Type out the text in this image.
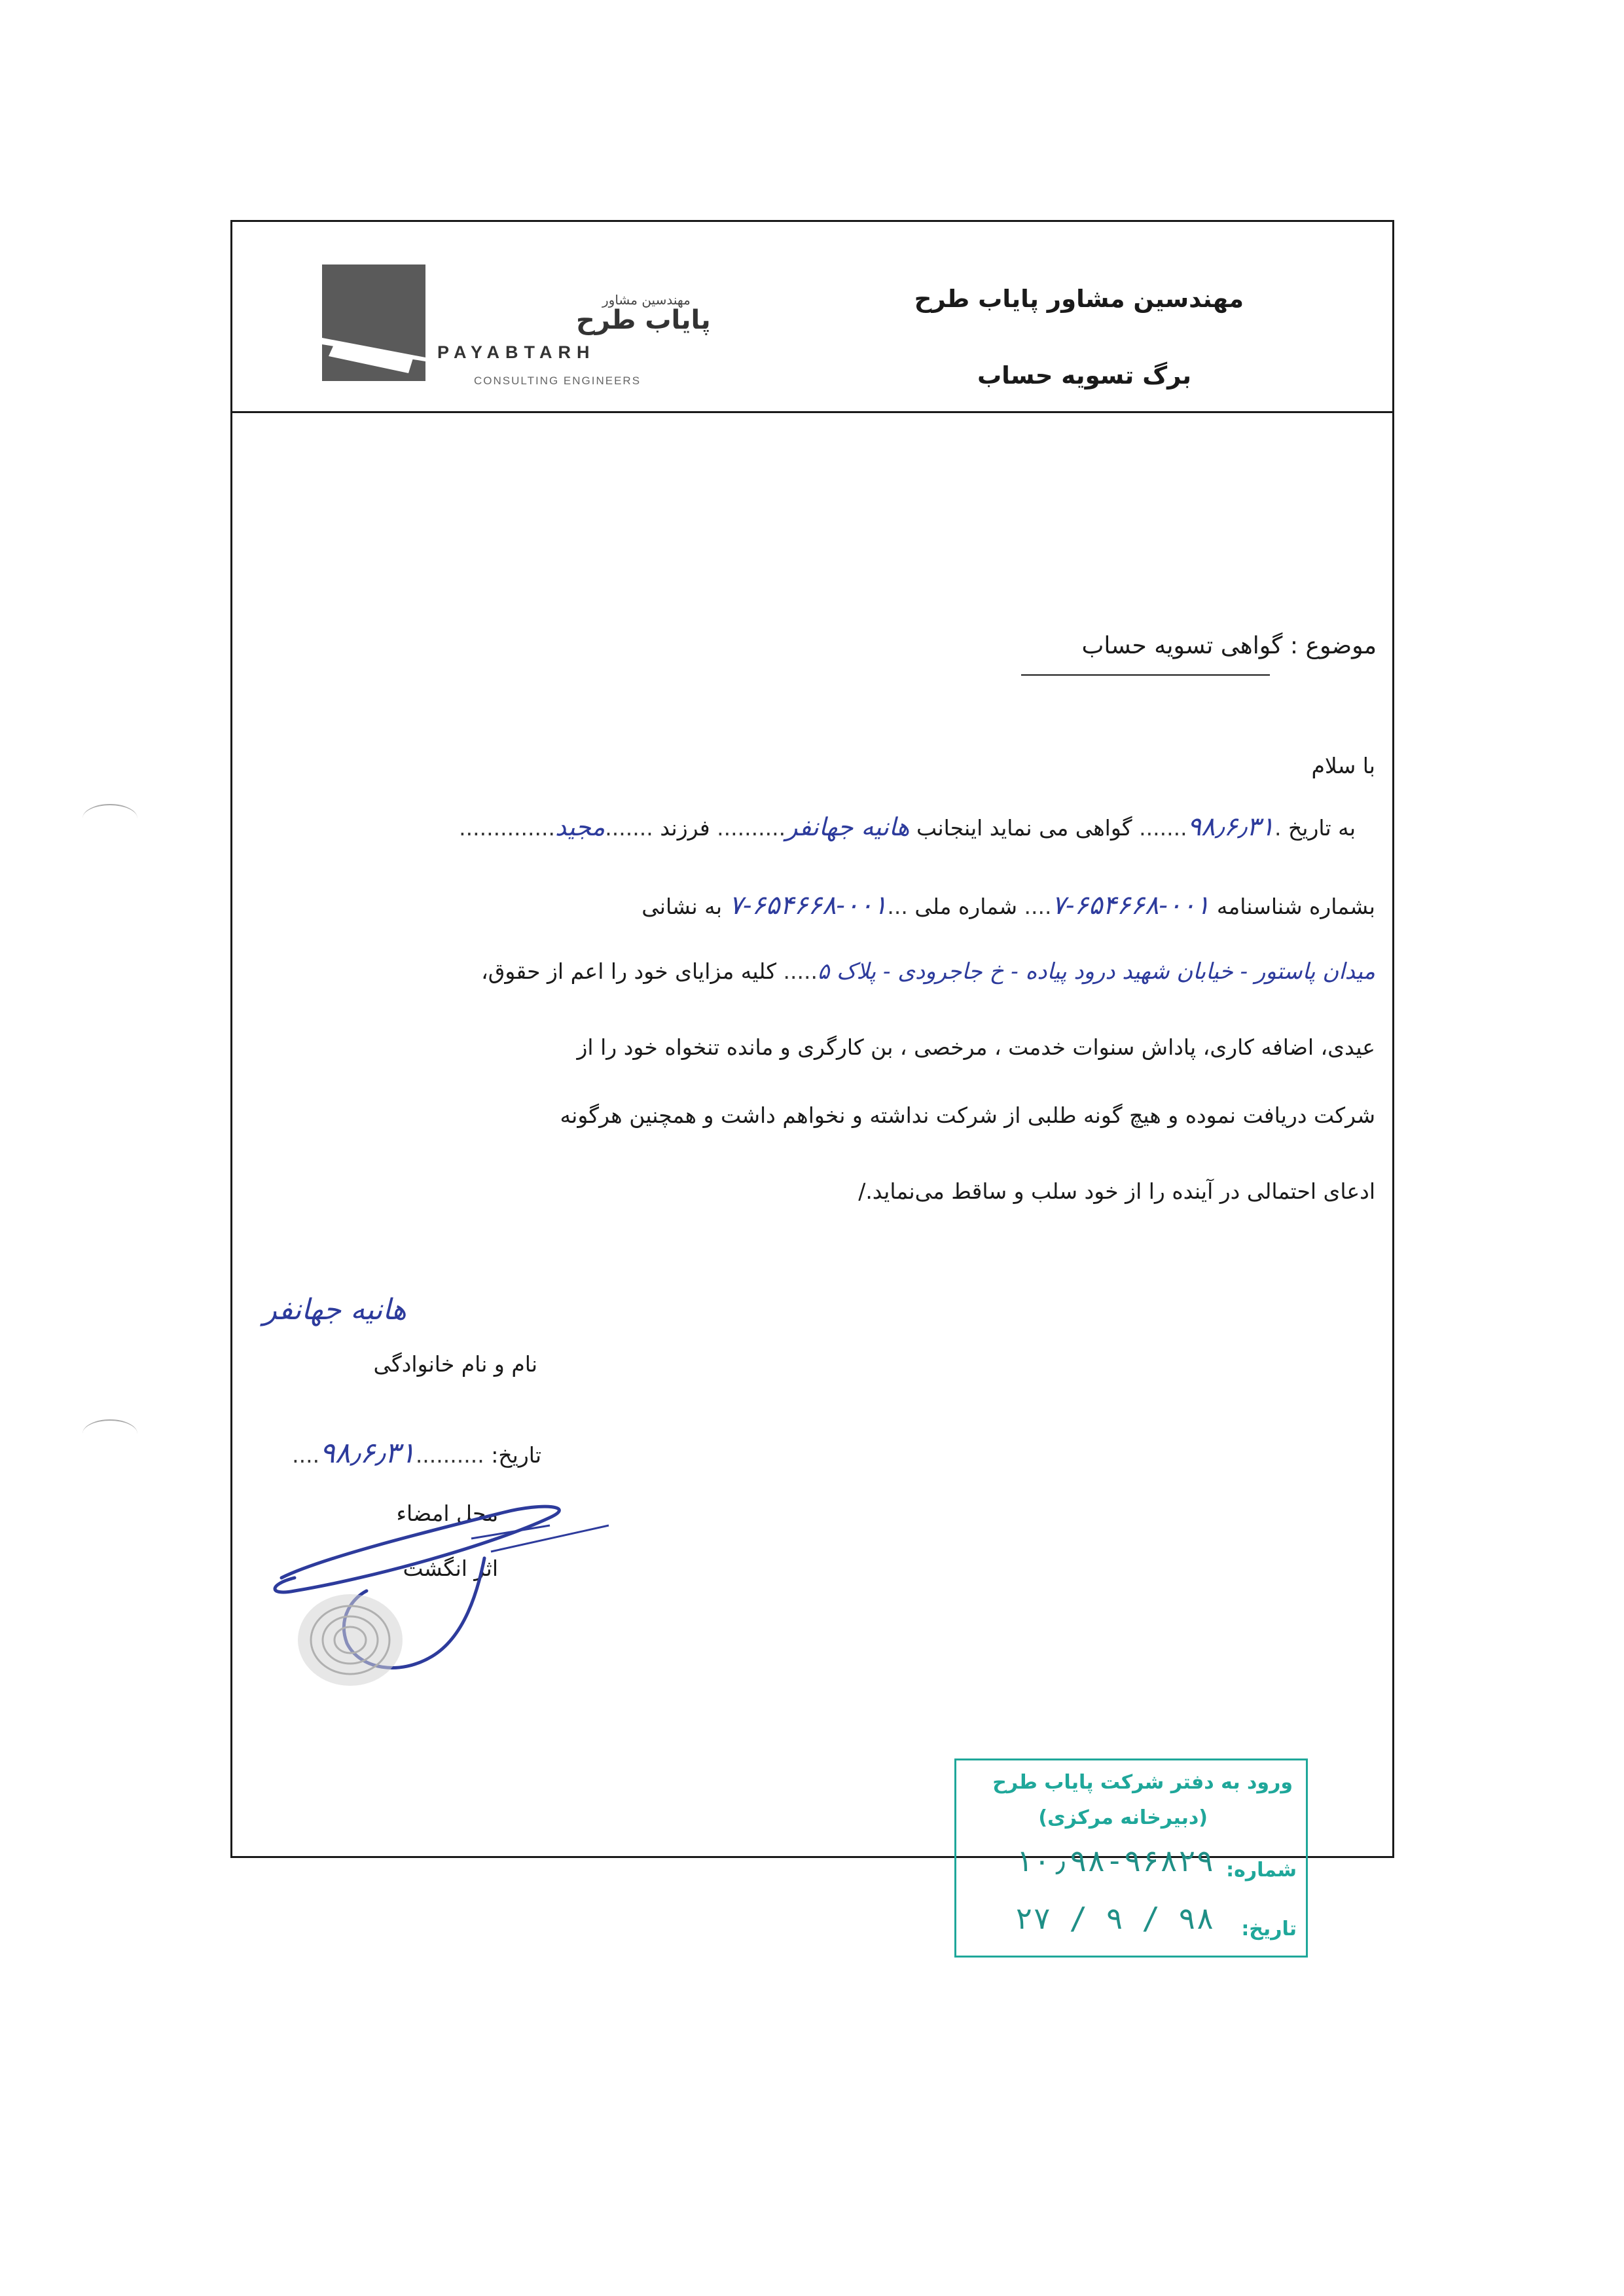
مهندسین مشاور پایاب طرح
برگ تسویه حساب
مهندسین مشاور
پایاب طرح
PAYABTARH
CONSULTING ENGINEERS
موضوع : گواهی تسویه حساب
با سلام
به تاریخ .۹۸٫۶٫۳۱....... گواهی می نماید اینجانب هانیه جهانفر.......... فرزند .......مجید..............
بشماره شناسنامه ۰۰۱-۶۵۴۶۶۸-۷.... شماره ملی ...۰۰۱-۶۵۴۶۶۸-۷ به نشانی
میدان پاستور - خیابان شهید درود پیاده - خ جاجرودی - پلاک ۵..... کلیه مزایای خود را اعم از حقوق،
عیدی، اضافه کاری، پاداش سنوات خدمت ، مرخصی ، بن کارگری و مانده تنخواه خود را از
شرکت دریافت نموده و هیچ گونه طلبی از شرکت نداشته و نخواهم داشت و همچنین هرگونه
ادعای احتمالی در آینده را از خود سلب و ساقط می‌نماید./
هانیه جهانفر
نام و نام خانوادگی
تاریخ: ..........۹۸٫۶٫۳۱....
محل امضاء
اثر انگشت
ورود به دفتر شرکت پایاب طرح
(دبیرخانه مرکزی)
شماره:
۱۰٫۹۸-۹۶۸۲۹
تاریخ:
۹۸ / ۹ / ۲۷
